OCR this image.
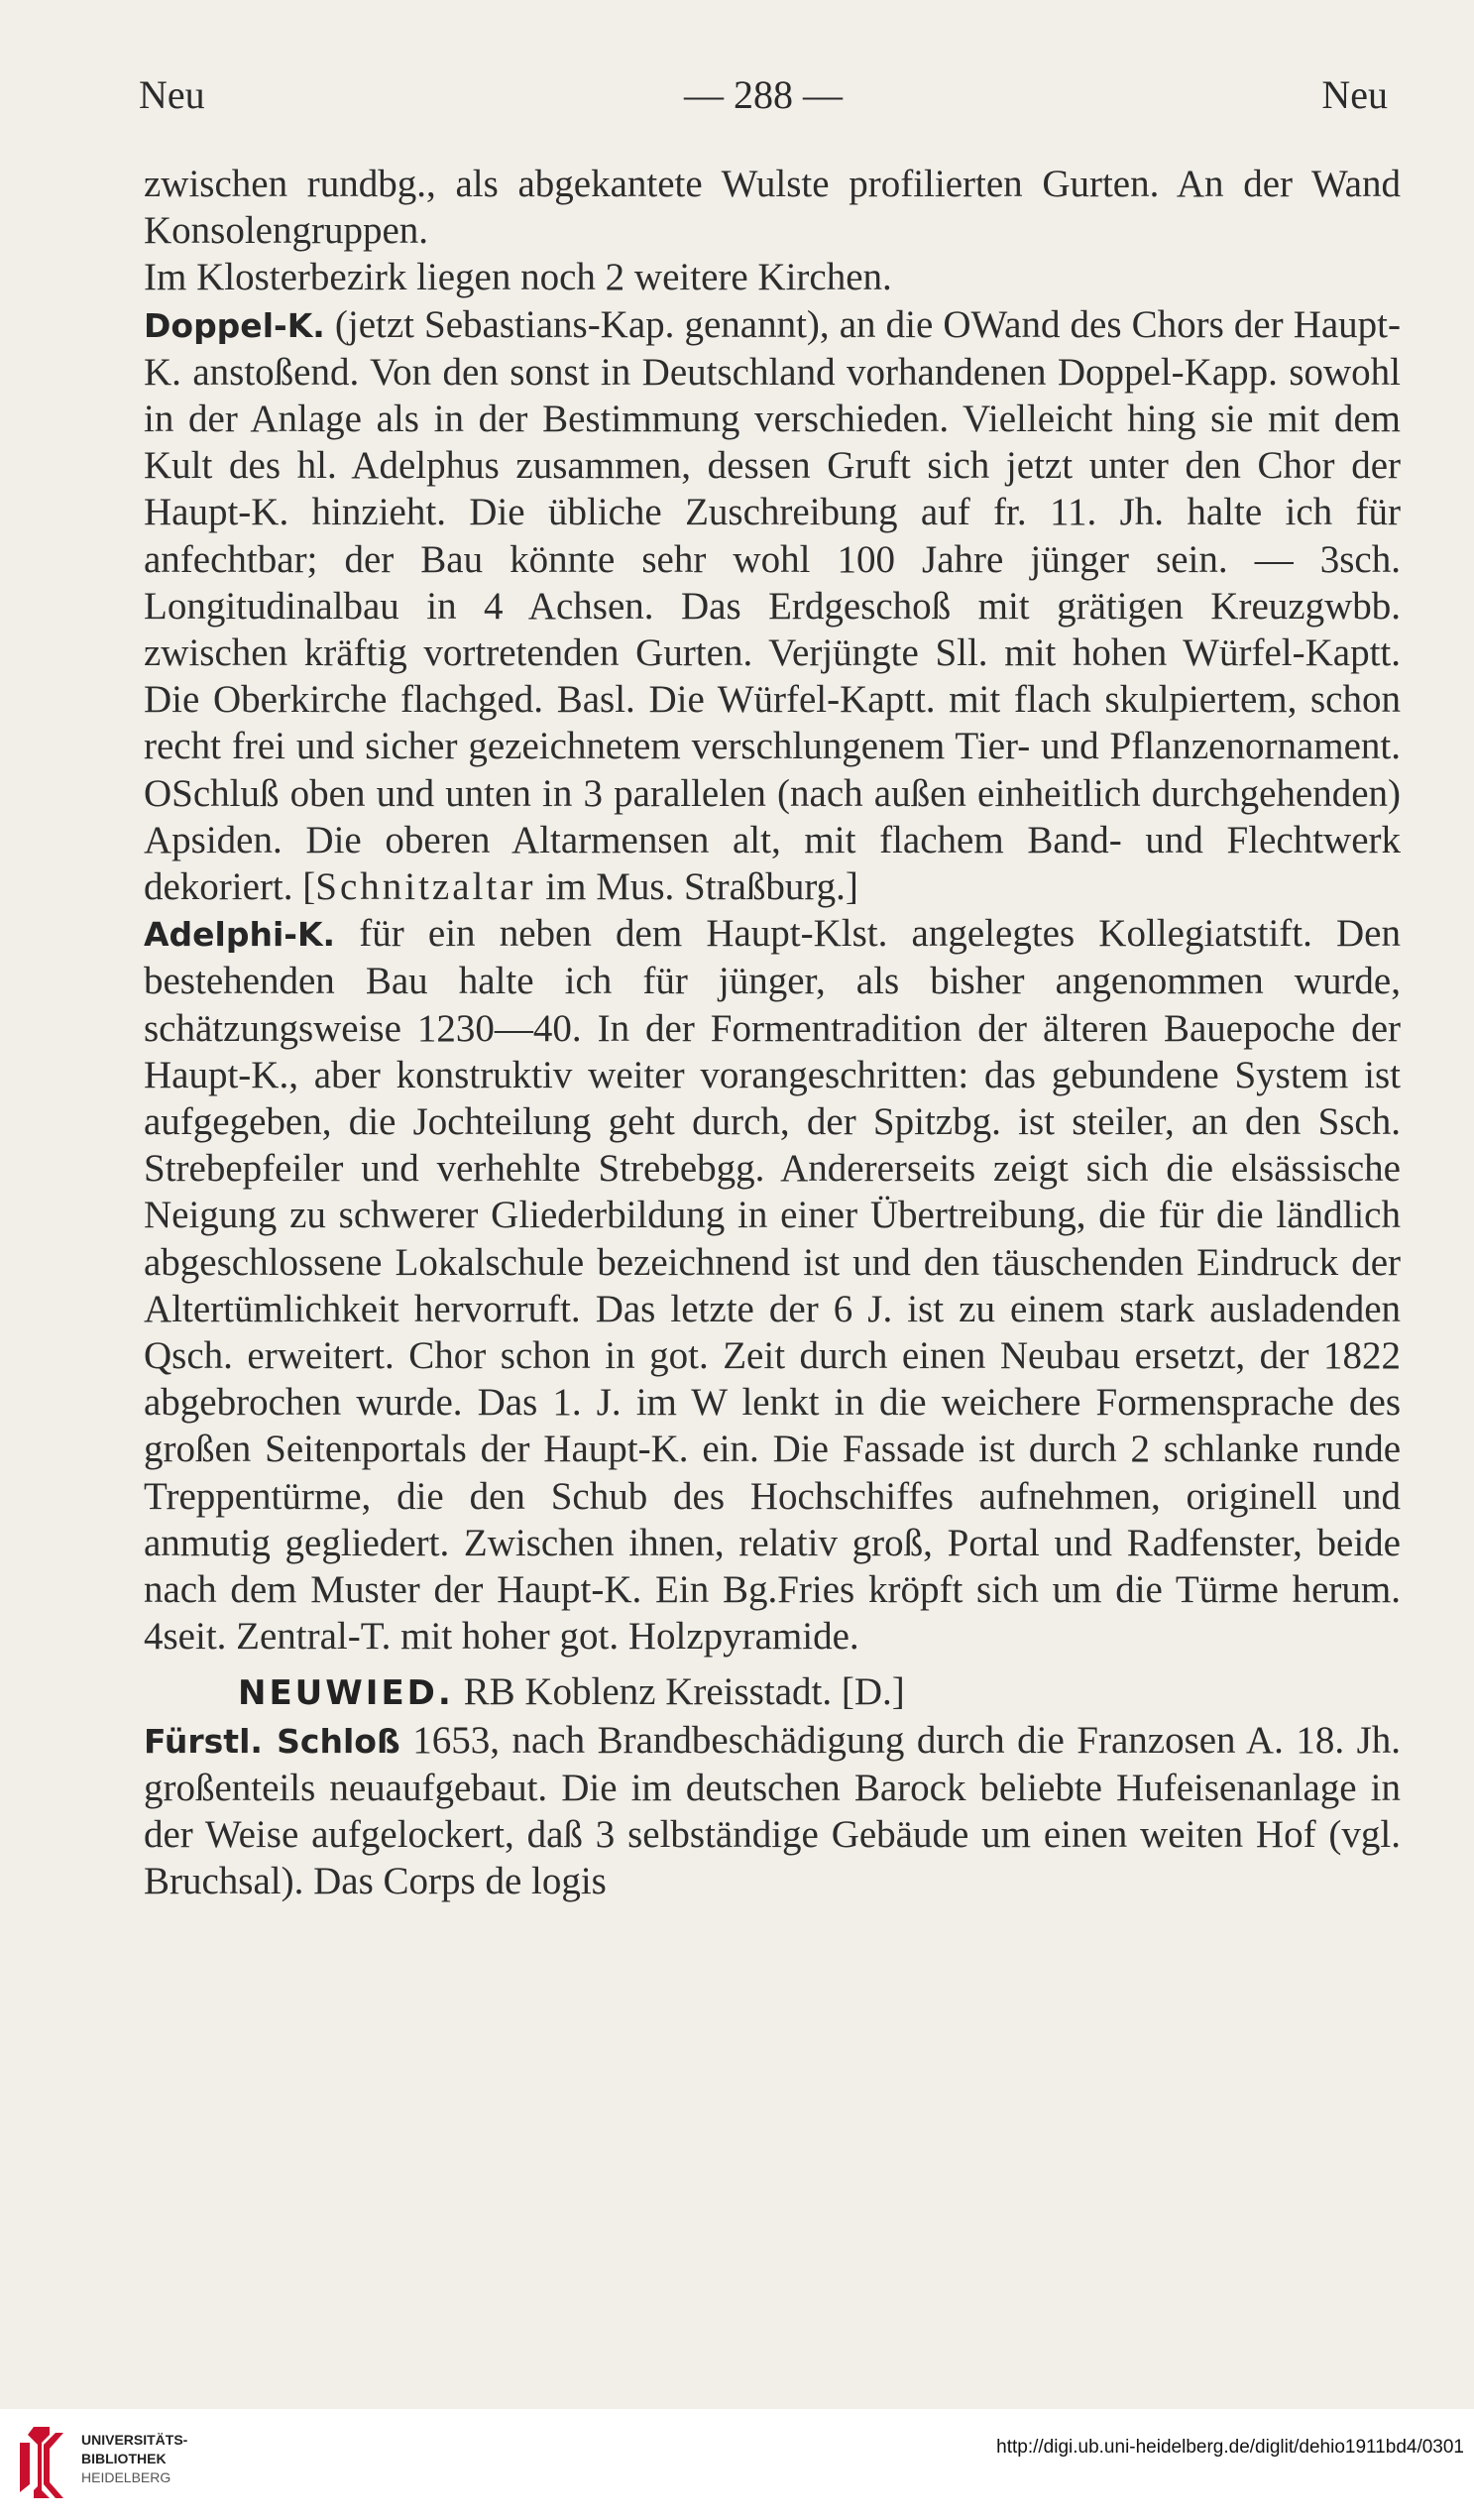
Neu	— 288 —	Neu

zwischen rundbg., als abgekantete Wulste profilierten Gurten. An der Wand Konsolengruppen.

Im Klosterbezirk liegen noch 2 weitere Kirchen.

Doppel-K. (jetzt Sebastians-Kap. genannt), an die OWand des Chors der Haupt-K. anstoßend. Von den sonst in Deutschland vorhandenen Doppel-Kapp. sowohl in der Anlage als in der Bestimmung verschieden. Vielleicht hing sie mit dem Kult des hl. Adelphus zusammen, dessen Gruft sich jetzt unter den Chor der Haupt-K. hinzieht. Die übliche Zuschreibung auf fr. 11. Jh. halte ich für anfechtbar; der Bau könnte sehr wohl 100 Jahre jünger sein. — 3sch. Longitudinalbau in 4 Achsen. Das Erdgeschoß mit grätigen Kreuzgwbb. zwischen kräftig vortretenden Gurten. Verjüngte Sll. mit hohen Würfel-Kaptt. Die Oberkirche flachged. Basl. Die Würfel-Kaptt. mit flach skulpiertem, schon recht frei und sicher gezeichnetem verschlungenem Tier- und Pflanzenornament. OSchluß oben und unten in 3 parallelen (nach außen einheitlich durchgehenden) Apsiden. Die oberen Altarmensen alt, mit flachem Band- und Flechtwerk dekoriert. [Schnitzaltar im Mus. Straßburg.]

Adelphi-K. für ein neben dem Haupt-Klst. angelegtes Kollegiatstift. Den bestehenden Bau halte ich für jünger, als bisher angenommen wurde, schätzungsweise 1230—40. In der Formentradition der älteren Bauepoche der Haupt-K., aber konstruktiv weiter vorangeschritten: das gebundene System ist aufgegeben, die Jochteilung geht durch, der Spitzbg. ist steiler, an den Ssch. Strebepfeiler und verhehlte Strebebgg. Andererseits zeigt sich die elsässische Neigung zu schwerer Gliederbildung in einer Übertreibung, die für die ländlich abgeschlossene Lokalschule bezeichnend ist und den täuschenden Eindruck der Altertümlichkeit hervorruft. Das letzte der 6 J. ist zu einem stark ausladenden Qsch. erweitert. Chor schon in got. Zeit durch einen Neubau ersetzt, der 1822 abgebrochen wurde. Das 1. J. im W lenkt in die weichere Formensprache des großen Seitenportals der Haupt-K. ein. Die Fassade ist durch 2 schlanke runde Treppentürme, die den Schub des Hochschiffes aufnehmen, originell und anmutig gegliedert. Zwischen ihnen, relativ groß, Portal und Radfenster, beide nach dem Muster der Haupt-K. Ein Bg.Fries kröpft sich um die Türme herum. 4seit. Zentral-T. mit hoher got. Holzpyramide.

NEUWIED. RB Koblenz Kreisstadt. [D.]

Fürstl. Schloß 1653, nach Brandbeschädigung durch die Franzosen A. 18. Jh. großenteils neuaufgebaut. Die im deutschen Barock beliebte Hufeisenanlage in der Weise aufgelockert, daß 3 selbständige Gebäude um einen weiten Hof (vgl. Bruchsal). Das Corps de logis

UNIVERSITÄTS-
BIBLIOTHEK
HEIDELBERG
http://digi.ub.uni-heidelberg.de/diglit/dehio1911bd4/0301
